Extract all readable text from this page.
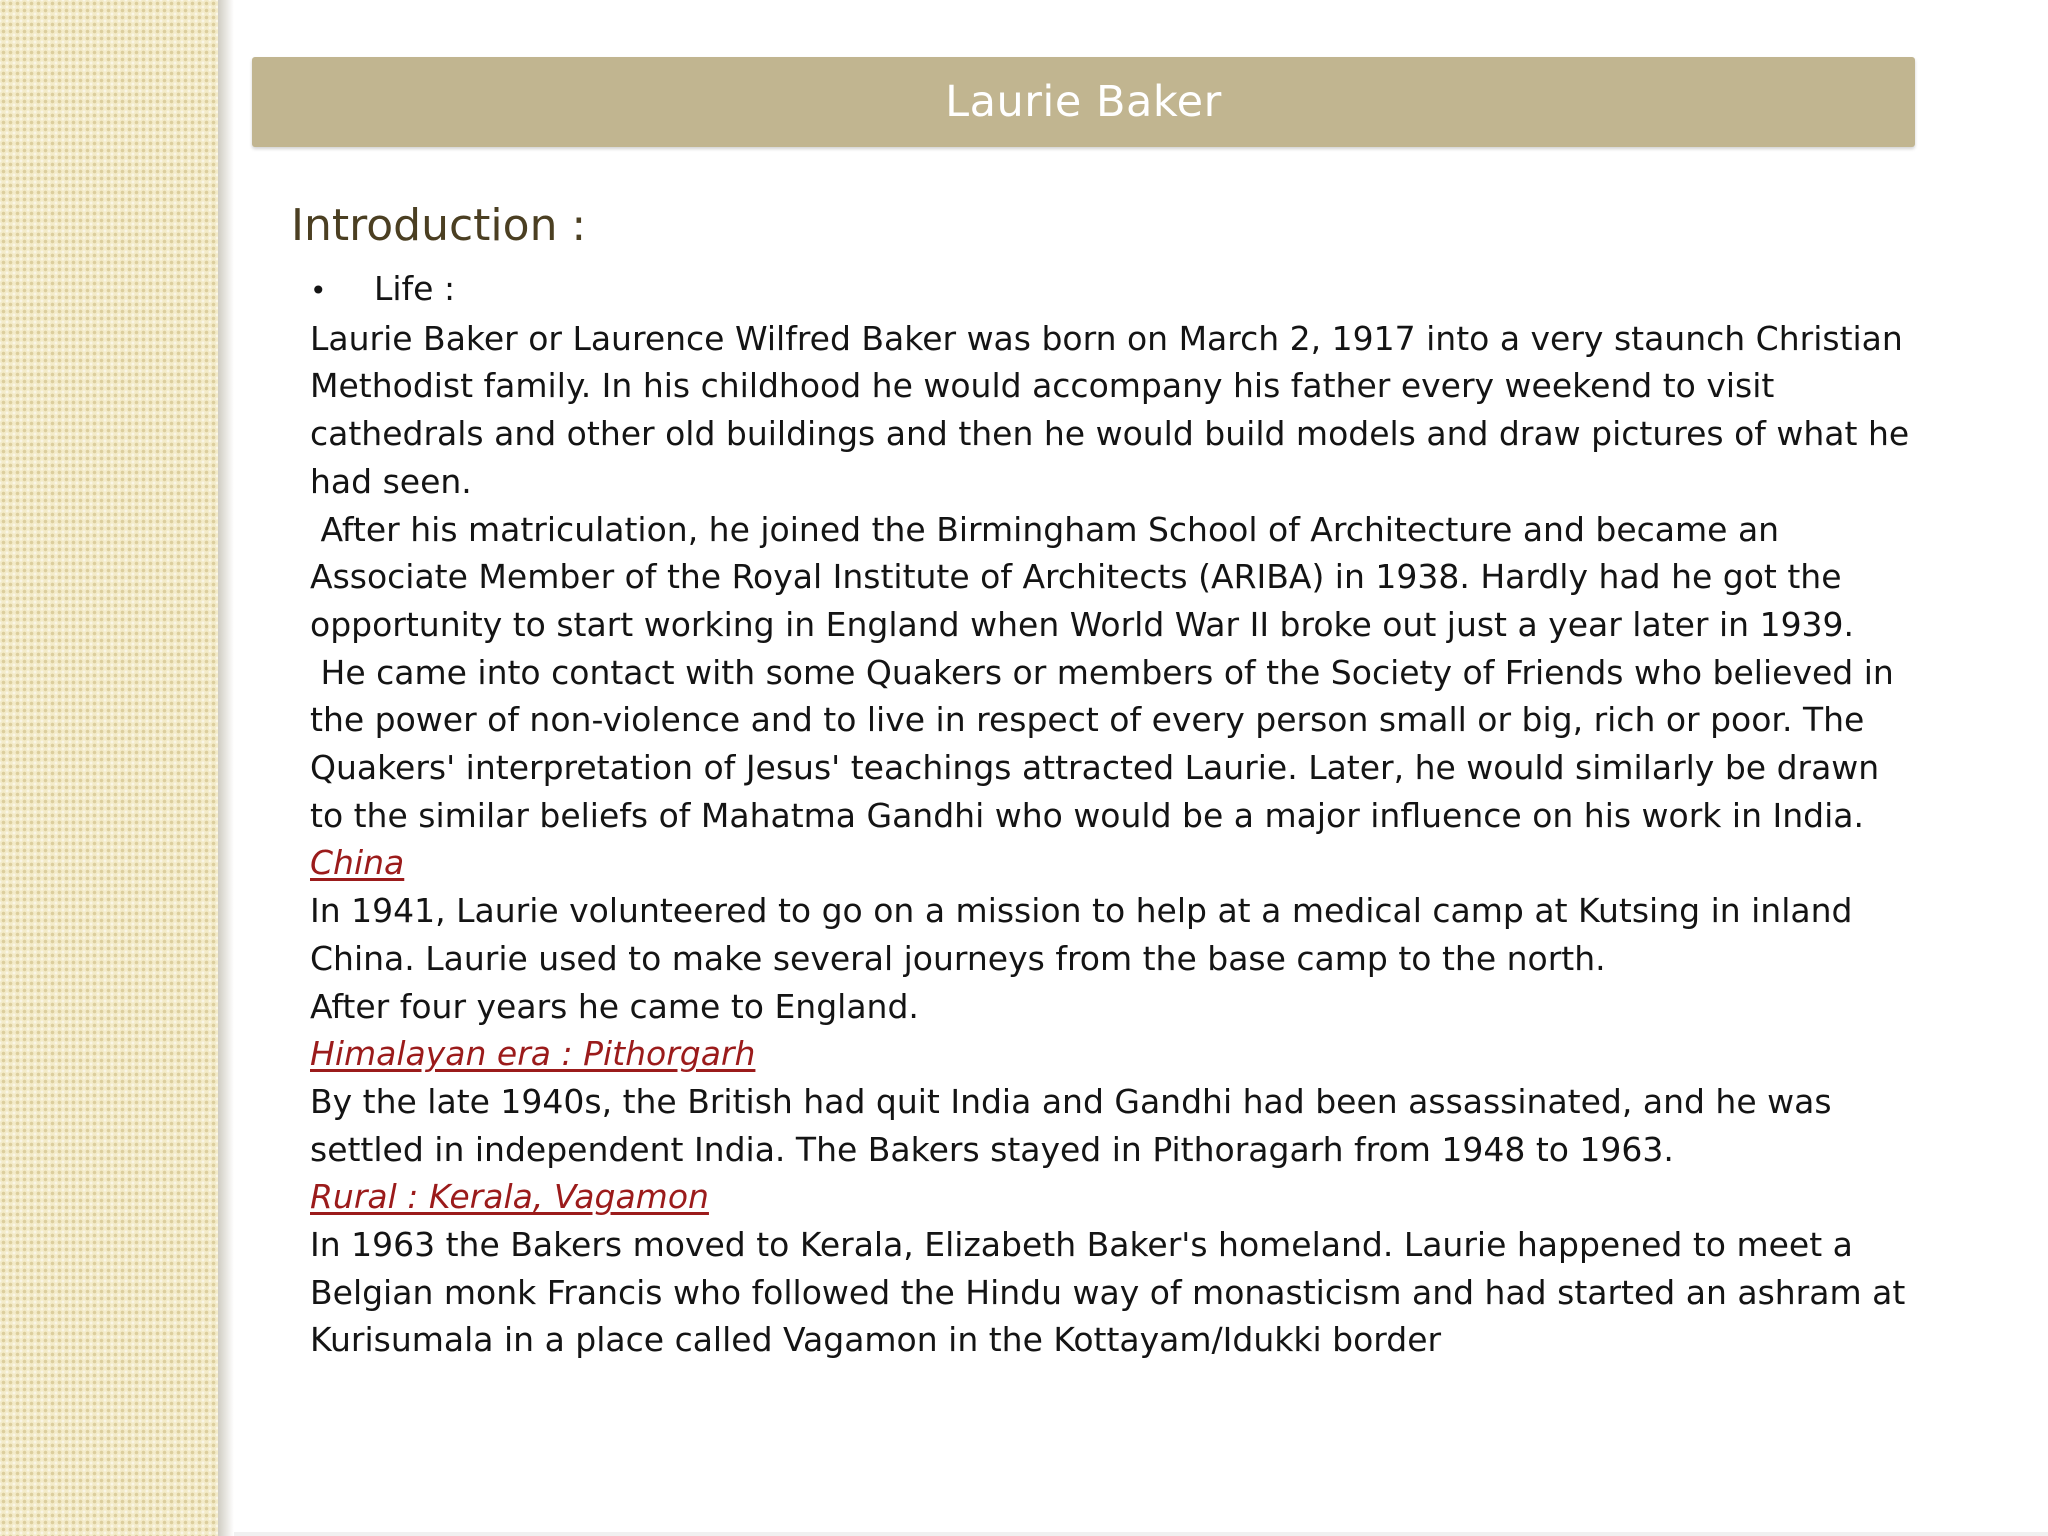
Laurie Baker
Introduction :

•	Life :

Laurie Baker or Laurence Wilfred Baker was born on March 2, 1917 into a very staunch Christian Methodist family. In his childhood he would accompany his father every weekend to visit cathedrals and other old buildings and then he would build models and draw pictures of what he had seen.

After his matriculation, he joined the Birmingham School of Architecture and became an Associate Member of the Royal Institute of Architects (ARIBA) in 1938. Hardly had he got the opportunity to start working in England when World War II broke out just a year later in 1939.

He came into contact with some Quakers or members of the Society of Friends who believed in the power of non-violence and to live in respect of every person small or big, rich or poor. The Quakers' interpretation of Jesus' teachings attracted Laurie. Later, he would similarly be drawn to the similar beliefs of Mahatma Gandhi who would be a major influence on his work in India.

China

In 1941, Laurie volunteered to go on a mission to help at a medical camp at Kutsing in inland China. Laurie used to make several journeys from the base camp to the north.

After four years he came to England.

Himalayan era : Pithorgarh

By the late 1940s, the British had quit India and Gandhi had been assassinated, and he was settled in independent India. The Bakers stayed in Pithoragarh from 1948 to 1963.

Rural : Kerala, Vagamon

In 1963 the Bakers moved to Kerala, Elizabeth Baker's homeland. Laurie happened to meet a Belgian monk Francis who followed the Hindu way of monasticism and had started an ashram at Kurisumala in a place called Vagamon in the Kottayam/Idukki border
